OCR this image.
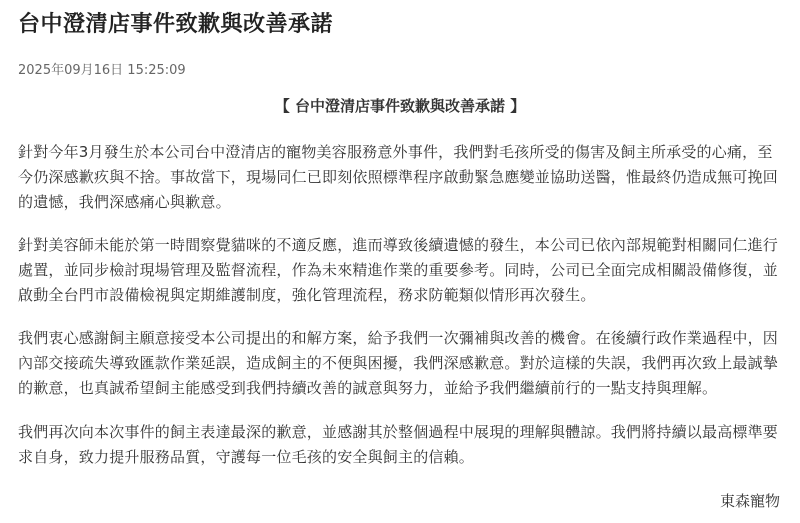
台中澄清店事件致歉與改善承諾
2025年09月16日 15:25:09
【 台中澄清店事件致歉與改善承諾 】

針對今年3月發生於本公司台中澄清店的寵物美容服務意外事件，我們對毛孩所受的傷害及飼主所承受的心痛，至今仍深感歉疚與不捨。事故當下，現場同仁已即刻依照標準程序啟動緊急應變並協助送醫，惟最終仍造成無可挽回的遺憾，我們深感痛心與歉意。

針對美容師未能於第一時間察覺貓咪的不適反應，進而導致後續遺憾的發生，本公司已依內部規範對相關同仁進行處置，並同步檢討現場管理及監督流程，作為未來精進作業的重要參考。同時，公司已全面完成相關設備修復，並啟動全台門市設備檢視與定期維護制度，強化管理流程，務求防範類似情形再次發生。

我們衷心感謝飼主願意接受本公司提出的和解方案，給予我們一次彌補與改善的機會。在後續行政作業過程中，因內部交接疏失導致匯款作業延誤，造成飼主的不便與困擾，我們深感歉意。對於這樣的失誤，我們再次致上最誠摯的歉意，也真誠希望飼主能感受到我們持續改善的誠意與努力，並給予我們繼續前行的一點支持與理解。

我們再次向本次事件的飼主表達最深的歉意，並感謝其於整個過程中展現的理解與體諒。我們將持續以最高標準要求自身，致力提升服務品質，守護每一位毛孩的安全與飼主的信賴。

東森寵物
